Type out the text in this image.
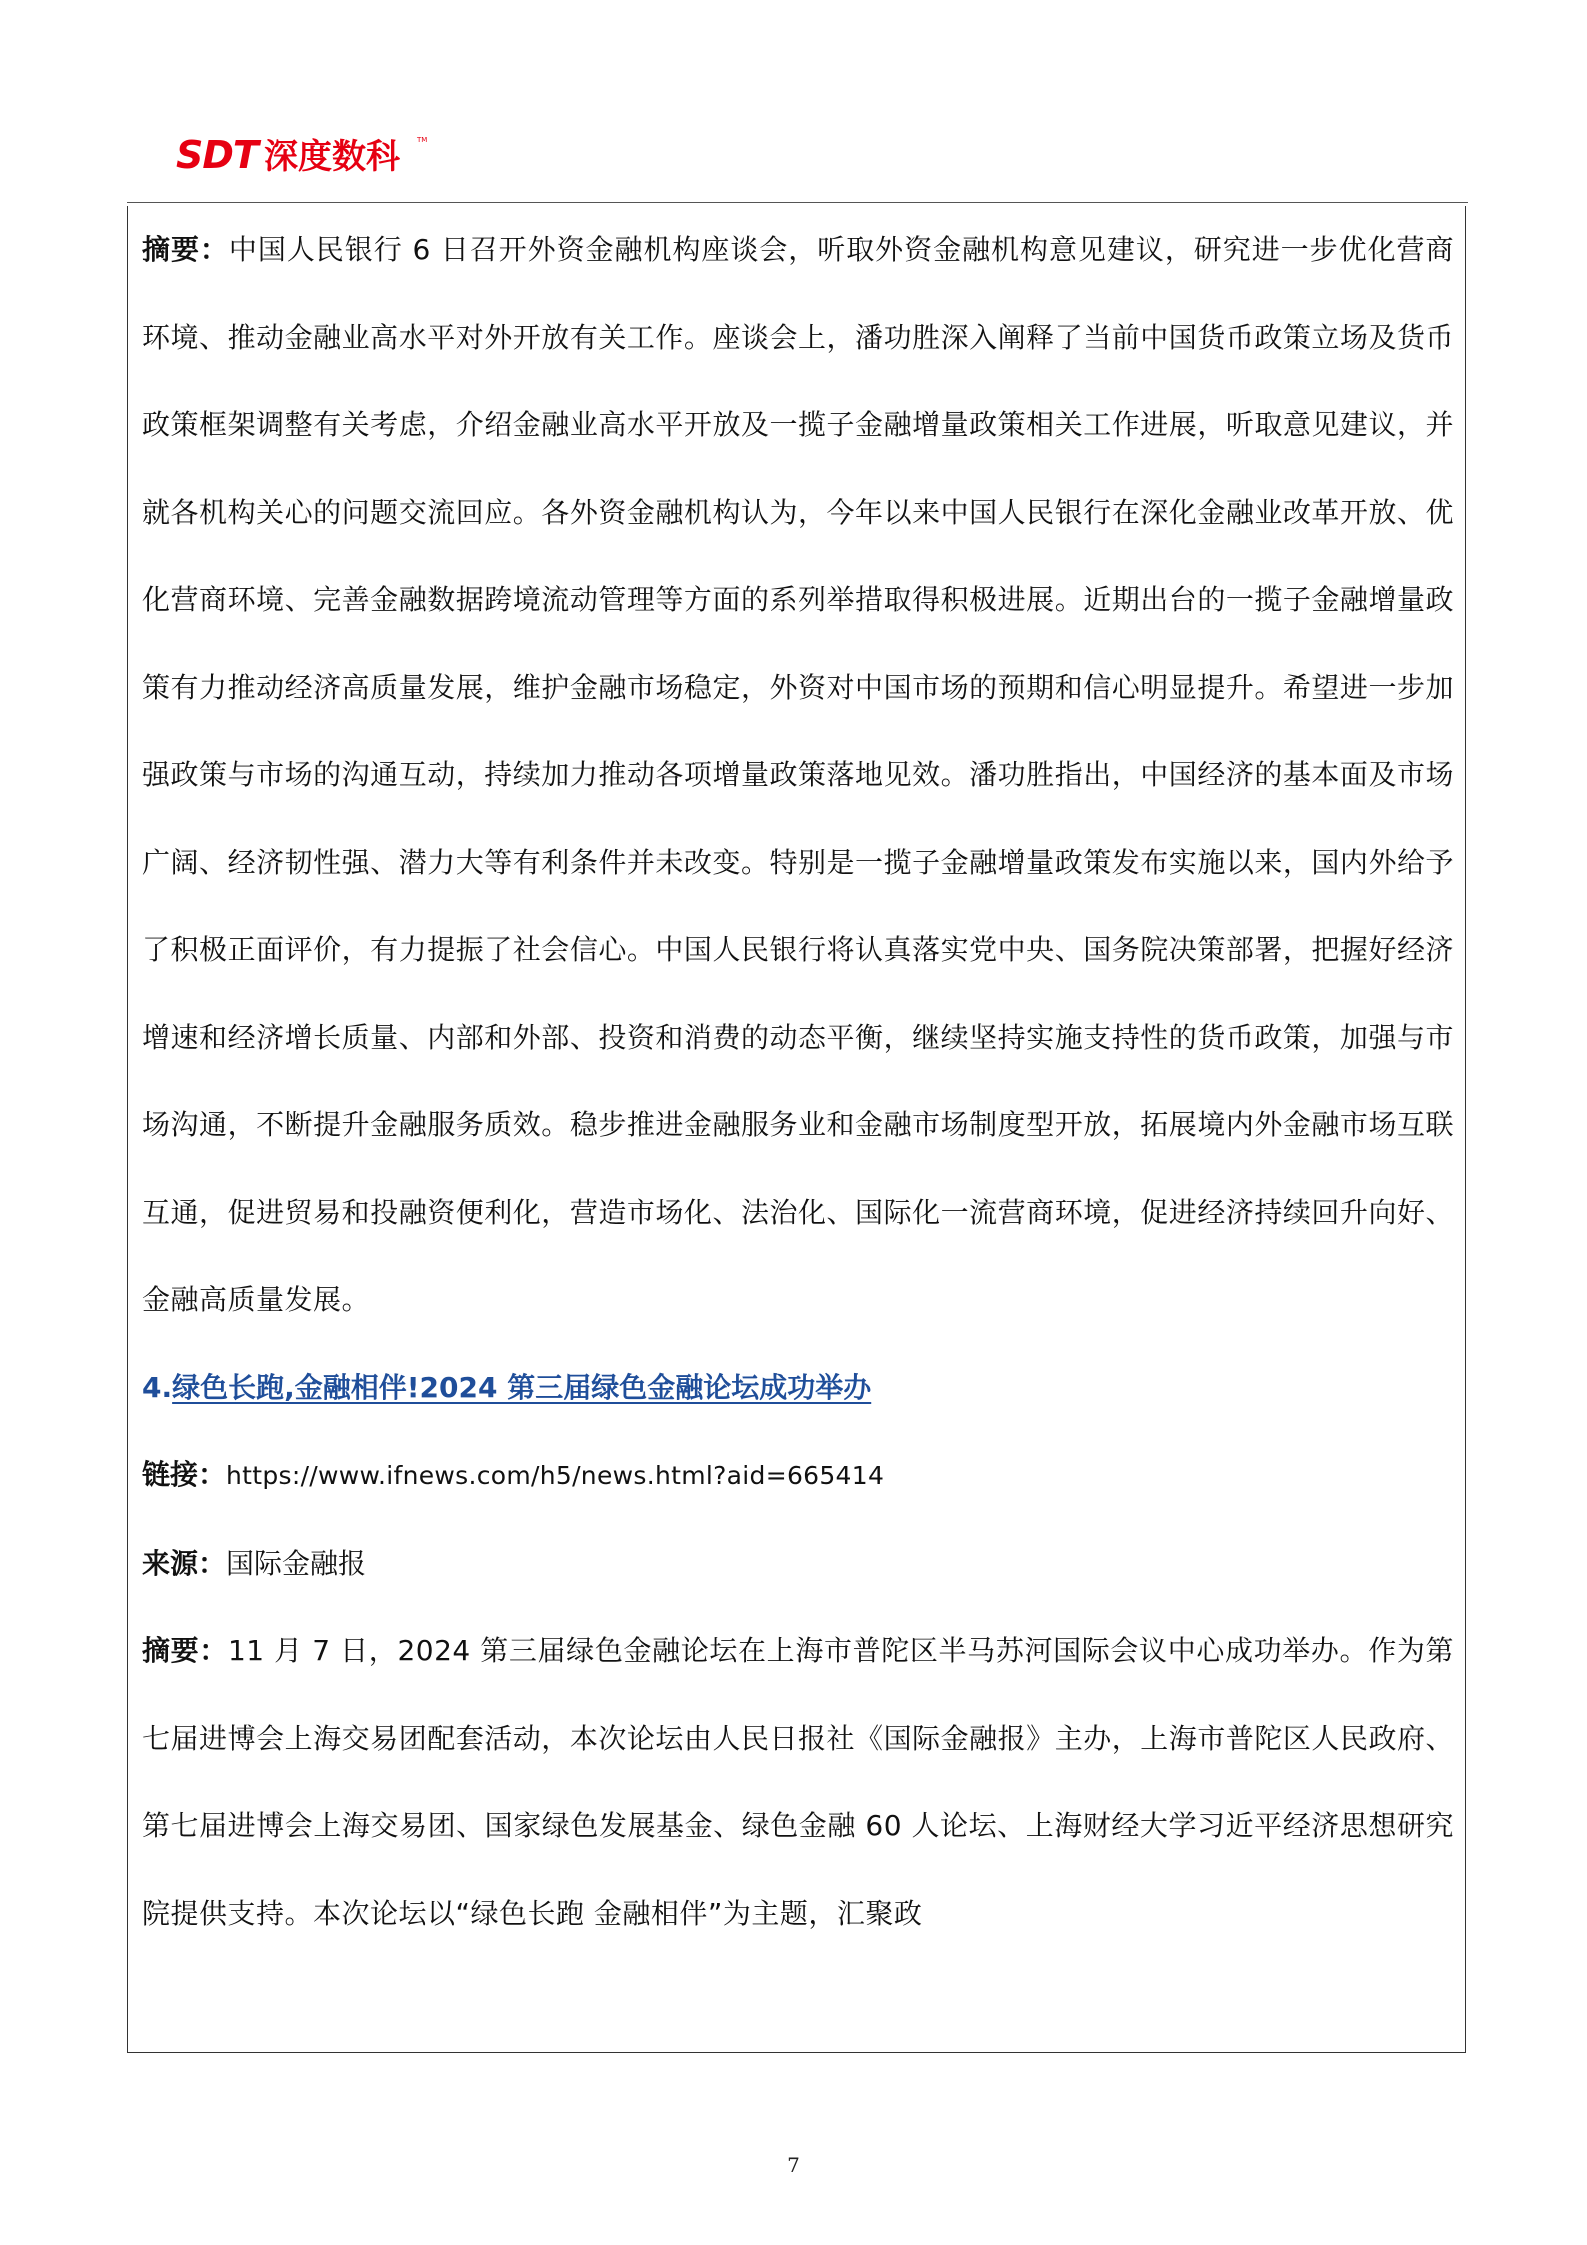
SDT 深度数科 TM

摘要：中国人民银行 6 日召开外资金融机构座谈会，听取外资金融机构意见建议，研究进一步优化营商环境、推动金融业高水平对外开放有关工作。座谈会上，潘功胜深入阐释了当前中国货币政策立场及货币政策框架调整有关考虑，介绍金融业高水平开放及一揽子金融增量政策相关工作进展，听取意见建议，并就各机构关心的问题交流回应。各外资金融机构认为，今年以来中国人民银行在深化金融业改革开放、优化营商环境、完善金融数据跨境流动管理等方面的系列举措取得积极进展。近期出台的一揽子金融增量政策有力推动经济高质量发展，维护金融市场稳定，外资对中国市场的预期和信心明显提升。希望进一步加强政策与市场的沟通互动，持续加力推动各项增量政策落地见效。潘功胜指出，中国经济的基本面及市场广阔、经济韧性强、潜力大等有利条件并未改变。特别是一揽子金融增量政策发布实施以来，国内外给予了积极正面评价，有力提振了社会信心。中国人民银行将认真落实党中央、国务院决策部署，把握好经济增速和经济增长质量、内部和外部、投资和消费的动态平衡，继续坚持实施支持性的货币政策，加强与市场沟通，不断提升金融服务质效。稳步推进金融服务业和金融市场制度型开放，拓展境内外金融市场互联互通，促进贸易和投融资便利化，营造市场化、法治化、国际化一流营商环境，促进经济持续回升向好、金融高质量发展。

4.绿色长跑,金融相伴!2024 第三届绿色金融论坛成功举办

链接：https://www.ifnews.com/h5/news.html?aid=665414

来源：国际金融报

摘要：11 月 7 日，2024 第三届绿色金融论坛在上海市普陀区半马苏河国际会议中心成功举办。作为第七届进博会上海交易团配套活动，本次论坛由人民日报社《国际金融报》主办，上海市普陀区人民政府、第七届进博会上海交易团、国家绿色发展基金、绿色金融 60 人论坛、上海财经大学习近平经济思想研究院提供支持。本次论坛以“绿色长跑 金融相伴”为主题，汇聚政

7
